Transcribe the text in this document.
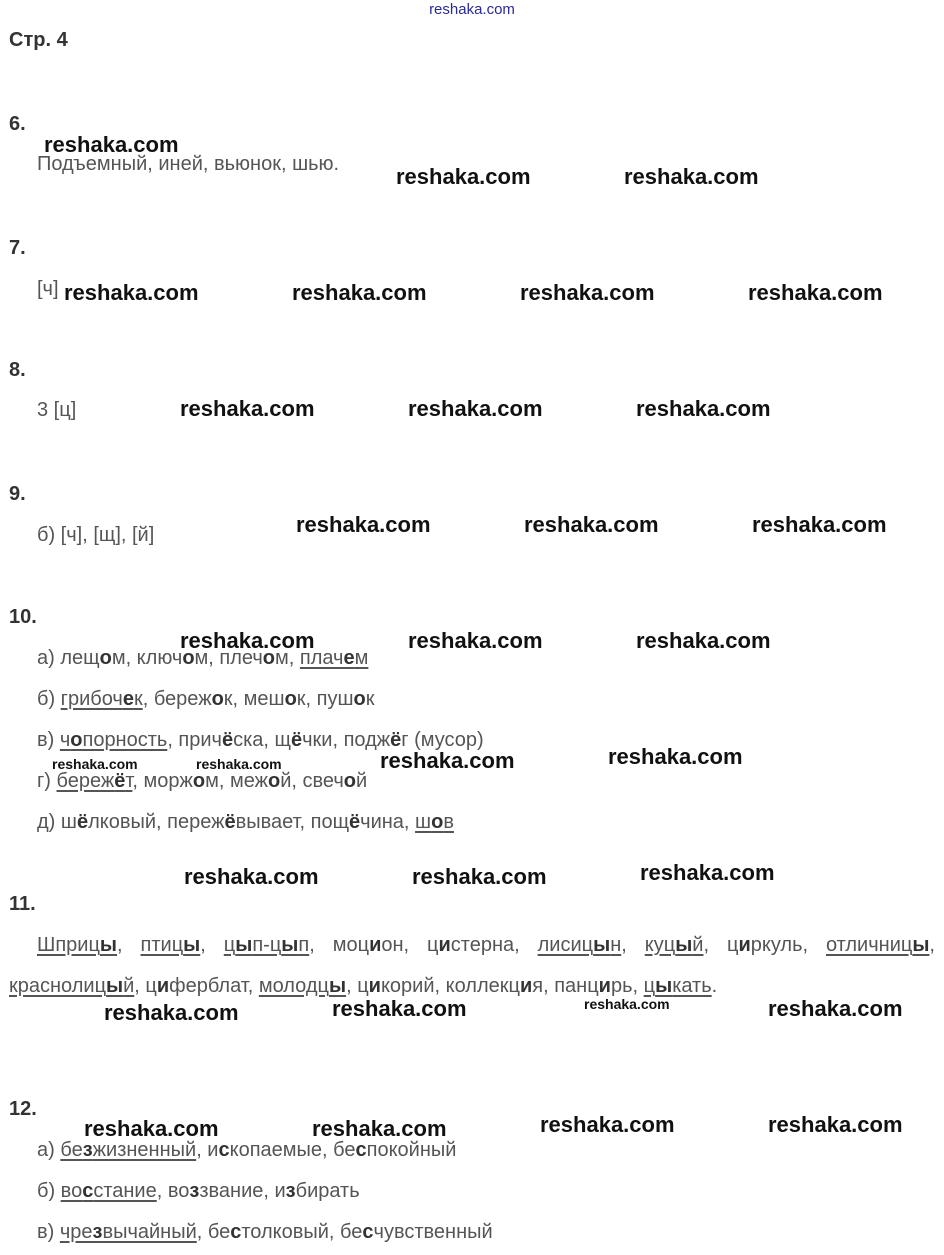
reshaka.com
Стр. 4
6.
Подъемный, иней, вьюнок, шью.
7.
[ч]
8.
3 [ц]
9.
б) [ч], [щ], [й]
10.
а) лещом, ключом, плечом, плачем
б) грибочек, бережок, мешок, пушок
в) чопорность, причёска, щёчки, поджёг (мусор)
г) бережёт, моржом, межой, свечой
д) шёлковый, пережёвывает, пощёчина, шов
11.
Шприцы, птицы, цып-цып, моцион, цистерна, лисицын, куцый, циркуль, отличницы, краснолицый, циферблат, молодцы, цикорий, коллекция, панцирь, цыкать.
12.
а) безжизненный, ископаемые, беспокойный
б) восстание, воззвание, избирать
в) чрезвычайный, бестолковый, бесчувственный
reshaka.com
reshaka.com	reshaka.com
reshaka.com	reshaka.com	reshaka.com	reshaka.com
reshaka.com	reshaka.com	reshaka.com
reshaka.com	reshaka.com	reshaka.com
reshaka.com	reshaka.com	reshaka.com
reshaka.com	reshaka.com	reshaka.com	reshaka.com
reshaka.com	reshaka.com	reshaka.com
reshaka.com	reshaka.com	reshaka.com	reshaka.com
reshaka.com	reshaka.com	reshaka.com	reshaka.com
